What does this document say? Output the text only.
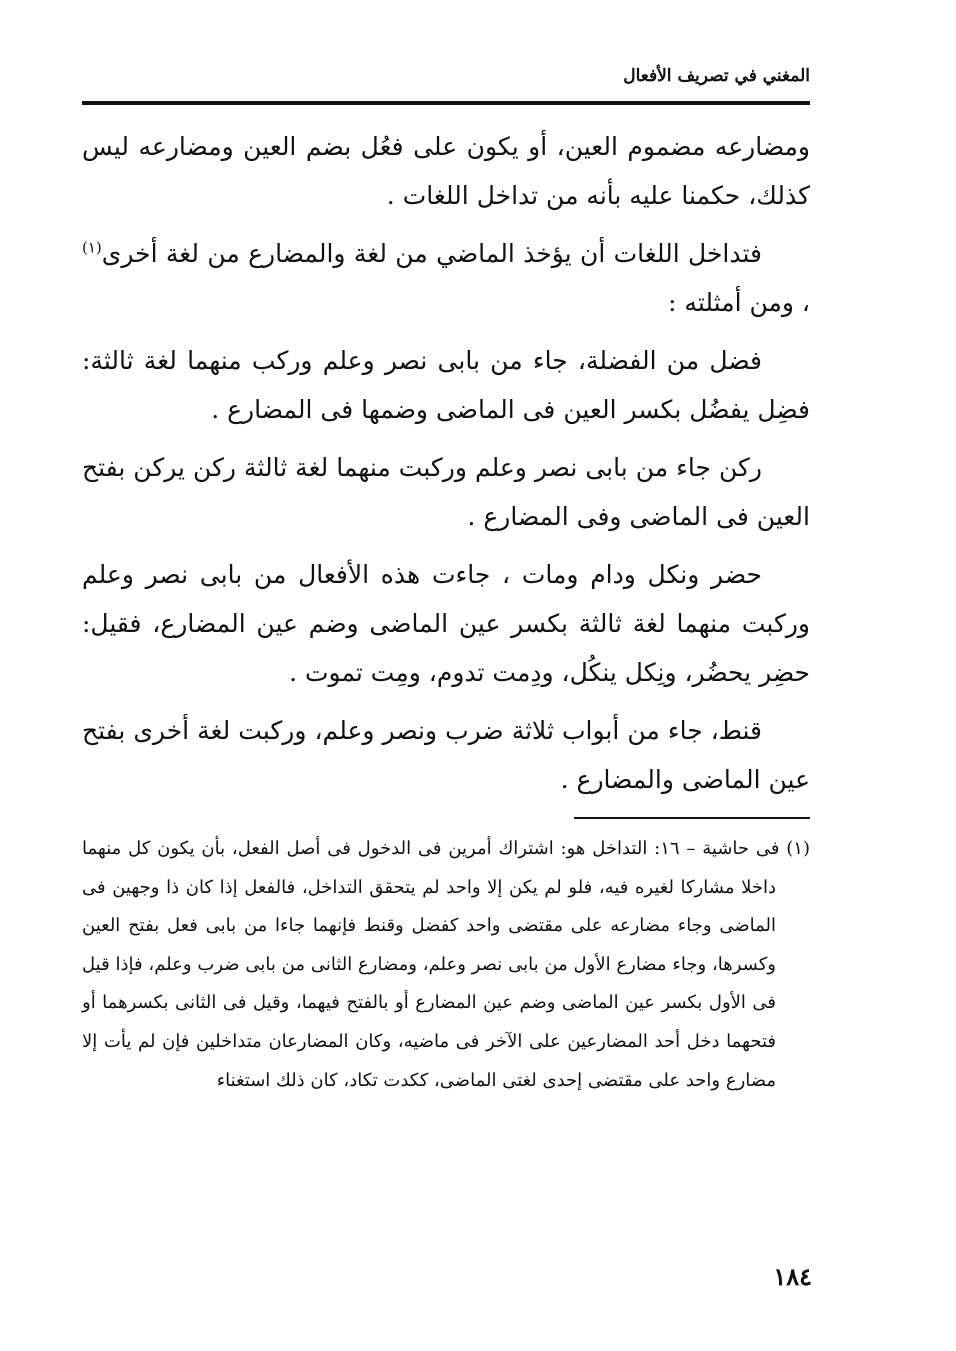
المغني في تصريف الأفعال

ومضارعه مضموم العين، أو يكون على فعُل بضم العين ومضارعه ليس كذلك، حكمنا عليه بأنه من تداخل اللغات .

فتداخل اللغات أن يؤخذ الماضي من لغة والمضارع من لغة أخرى$^{(١)}$ ، ومن أمثلته :

فضل من الفضلة، جاء من بابى نصر وعلم وركب منهما لغة ثالثة: فضِل يفضُل بكسر العين فى الماضى وضمها فى المضارع .

ركن جاء من بابى نصر وعلم وركبت منهما لغة ثالثة ركن يركن بفتح العين فى الماضى وفى المضارع .

حضر ونكل ودام ومات ، جاءت هذه الأفعال من بابى نصر وعلم وركبت منهما لغة ثالثة بكسر عين الماضى وضم عين المضارع، فقيل: حضِر يحضُر، ونِكل ينكُل، ودِمت تدوم، ومِت تموت .

قنط، جاء من أبواب ثلاثة ضرب ونصر وعلم، وركبت لغة أخرى بفتح عين الماضى والمضارع .

(١) فى حاشية – ١٦: التداخل هو: اشتراك أمرين فى الدخول فى أصل الفعل، بأن يكون كل منهما داخلا مشاركا لغيره فيه، فلو لم يكن إلا واحد لم يتحقق التداخل، فالفعل إذا كان ذا وجهين فى الماضى وجاء مضارعه على مقتضى واحد كفضل وقنط فإنهما جاءا من بابى فعل بفتح العين وكسرها، وجاء مضارع الأول من بابى نصر وعلم، ومضارع الثانى من بابى ضرب وعلم، فإذا قيل فى الأول بكسر عين الماضى وضم عين المضارع أو بالفتح فيهما، وقيل فى الثانى بكسرهما أو فتحهما دخل أحد المضارعين على الآخر فى ماضيه، وكان المضارعان متداخلين فإن لم يأت إلا مضارع واحد على مقتضى إحدى لغتى الماضى، ككدت تكاد، كان ذلك استغناء

١٨٤
